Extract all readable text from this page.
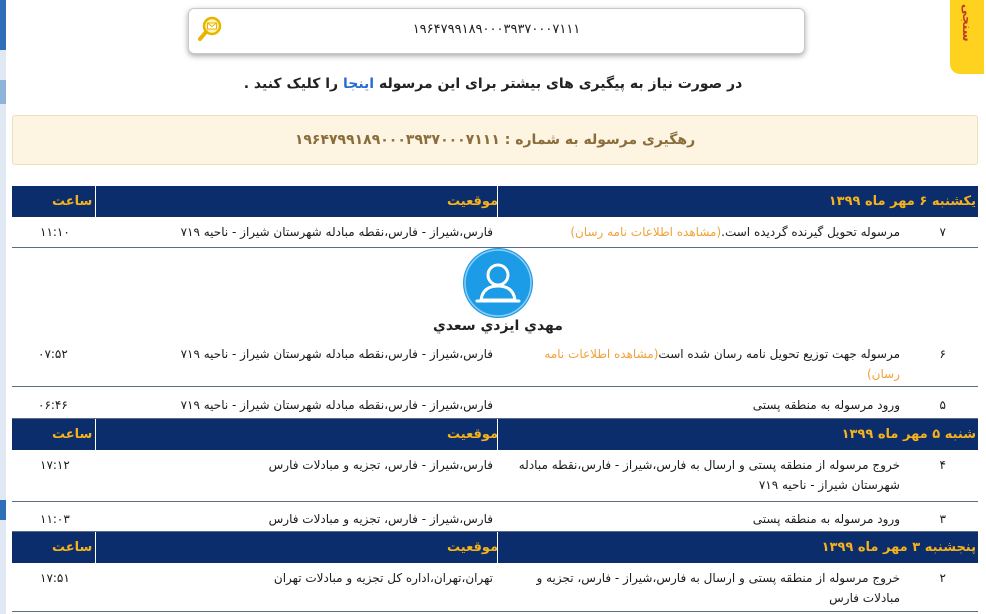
سنجی
۱۹۶۴۷۹۹۱۸۹۰۰۰۳۹۳۷۰۰۰۷۱۱۱
در صورت نیاز به پیگیری های بیشتر برای این مرسوله اینجا را کلیک کنید .
رهگیری مرسوله به شماره : ۱۹۶۴۷۹۹۱۸۹۰۰۰۳۹۳۷۰۰۰۷۱۱۱
یکشنبه ۶ مهر ماه ۱۳۹۹
موقعیت
ساعت
۷
مرسوله تحویل گیرنده گردیده است.(مشاهده اطلاعات نامه رسان)
فارس،شیراز - فارس،نقطه مبادله شهرستان شیراز - ناحیه ۷۱۹
۱۱:۱۰
۶
مرسوله جهت توزیع تحویل نامه رسان شده است(مشاهده اطلاعات نامه رسان)
فارس،شیراز - فارس،نقطه مبادله شهرستان شیراز - ناحیه ۷۱۹
۰۷:۵۲
۵
ورود مرسوله به منطقه پستی
فارس،شیراز - فارس،نقطه مبادله شهرستان شیراز - ناحیه ۷۱۹
۰۶:۴۶
شنبه ۵ مهر ماه ۱۳۹۹
موقعیت
ساعت
۴
خروج مرسوله از منطقه پستی و ارسال به فارس،شیراز - فارس،نقطه مبادله شهرستان شیراز - ناحیه ۷۱۹
فارس،شیراز - فارس، تجزیه و مبادلات فارس
۱۷:۱۲
۳
ورود مرسوله به منطقه پستی
فارس،شیراز - فارس، تجزیه و مبادلات فارس
۱۱:۰۳
پنجشنبه ۳ مهر ماه ۱۳۹۹
موقعیت
ساعت
۲
خروج مرسوله از منطقه پستی و ارسال به فارس،شیراز - فارس، تجزیه و مبادلات فارس
تهران،تهران،اداره کل تجزیه و مبادلات تهران
۱۷:۵۱
مهدي ايزدي سعدي
